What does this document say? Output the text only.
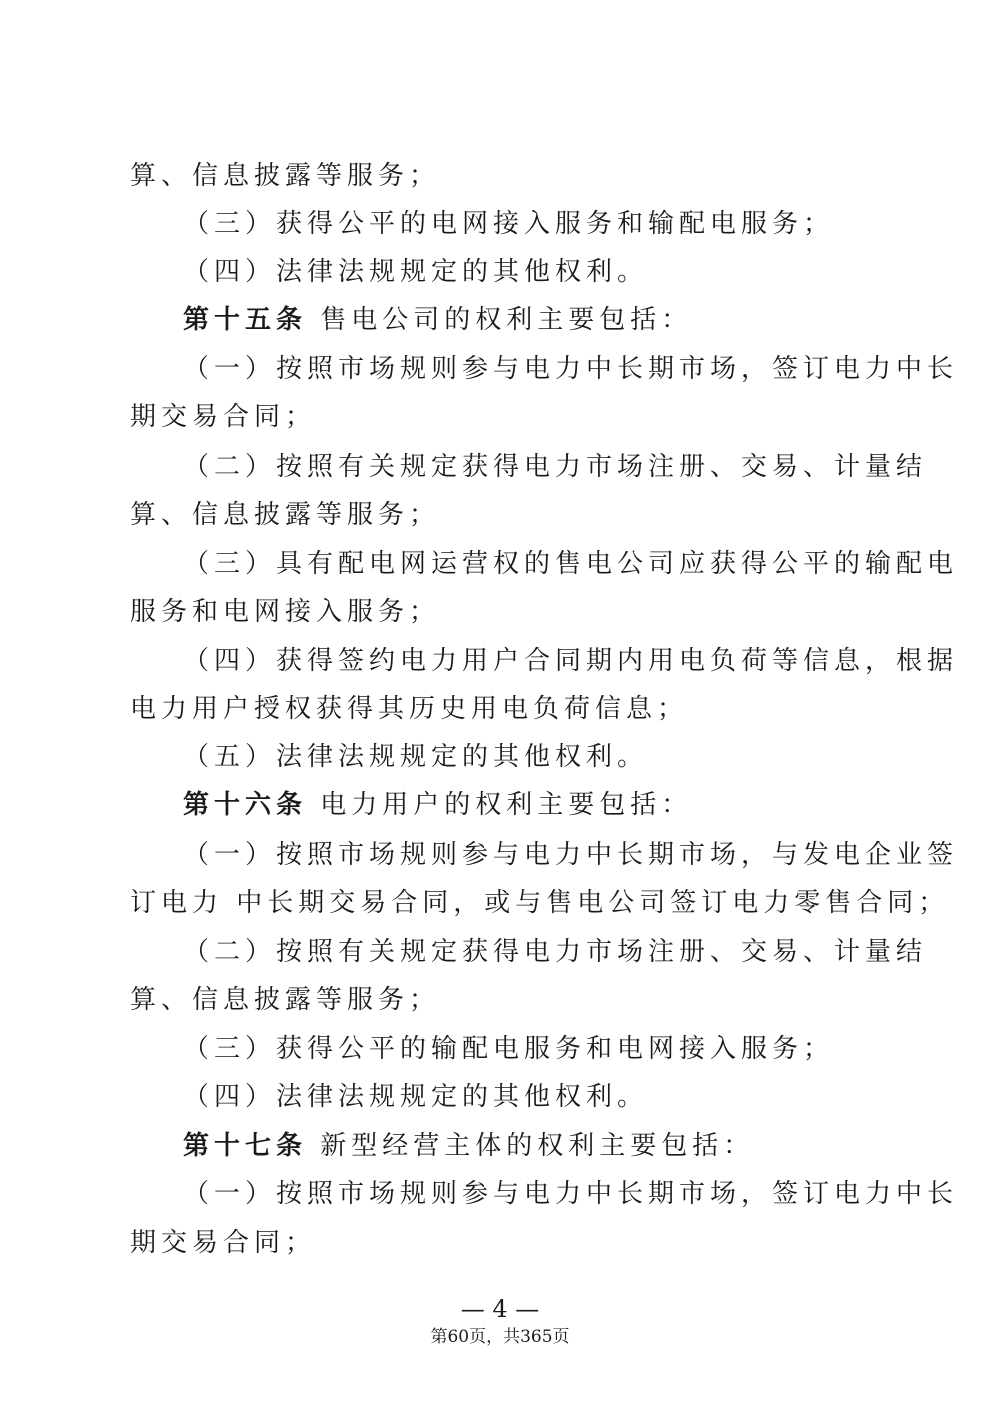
算、信息披露等服务；
（三）获得公平的电网接入服务和输配电服务；
（四）法律法规规定的其他权利。
第十五条 售电公司的权利主要包括：
（一）按照市场规则参与电力中长期市场，签订电力中长
期交易合同；
（二）按照有关规定获得电力市场注册、交易、计量结
算、信息披露等服务；
（三）具有配电网运营权的售电公司应获得公平的输配电
服务和电网接入服务；
（四）获得签约电力用户合同期内用电负荷等信息，根据
电力用户授权获得其历史用电负荷信息；
（五）法律法规规定的其他权利。
第十六条 电力用户的权利主要包括：
（一）按照市场规则参与电力中长期市场，与发电企业签
订电力 中长期交易合同，或与售电公司签订电力零售合同；
（二）按照有关规定获得电力市场注册、交易、计量结
算、信息披露等服务；
（三）获得公平的输配电服务和电网接入服务；
（四）法律法规规定的其他权利。
第十七条 新型经营主体的权利主要包括：
（一）按照市场规则参与电力中长期市场，签订电力中长
期交易合同；
— 4 —
第60页，共365页
